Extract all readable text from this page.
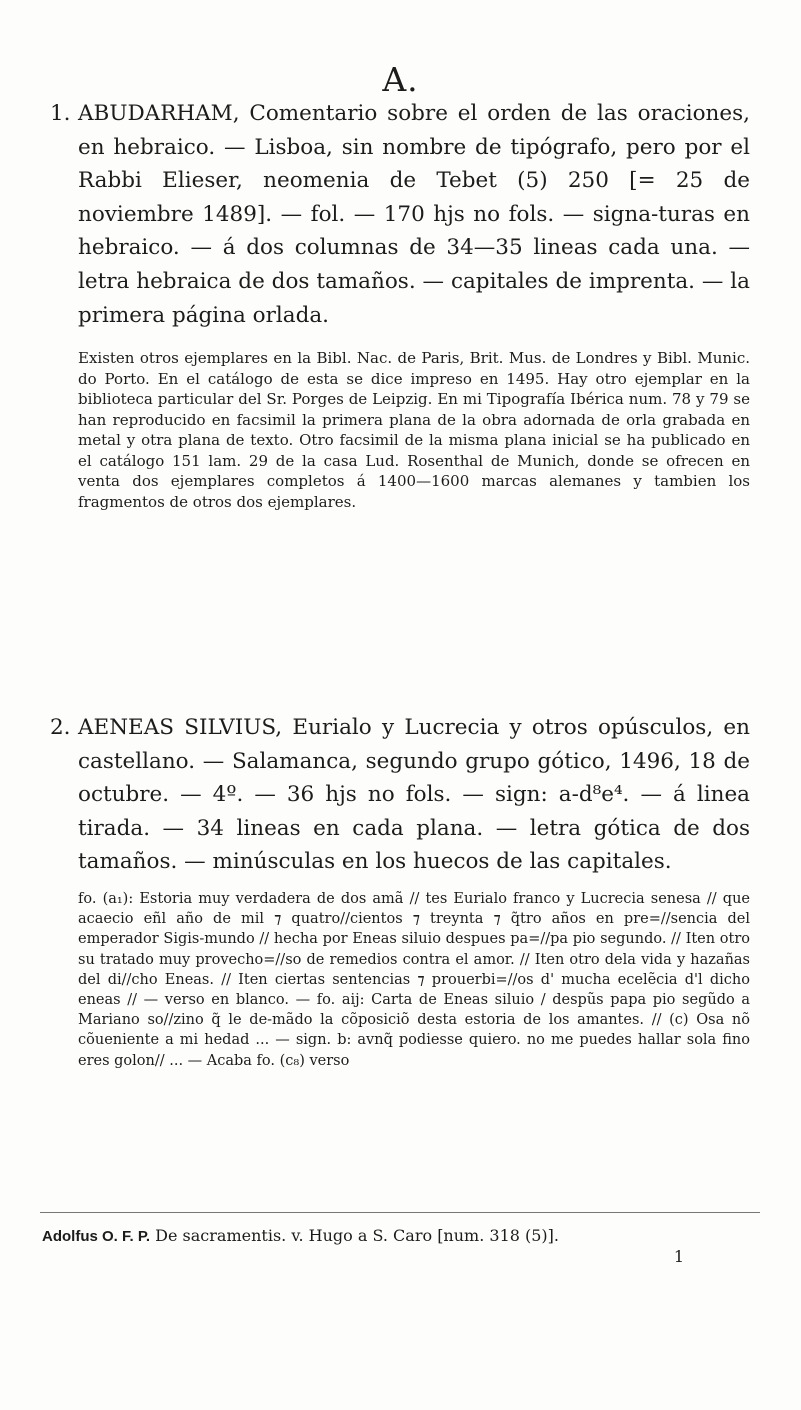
A.

1. ABUDARHAM, Comentario sobre el orden de las oraciones, en hebraico. — Lisboa, sin nombre de tipógrafo, pero por el Rabbi Elieser, neomenia de Tebet (5) 250 [= 25 de noviembre 1489]. — fol. — 170 hjs no fols. — signa-turas en hebraico. — á dos columnas de 34—35 lineas cada una. — letra hebraica de dos tamaños. — capitales de imprenta. — la primera página orlada.

Existen otros ejemplares en la Bibl. Nac. de Paris, Brit. Mus. de Londres y Bibl. Munic. do Porto. En el catálogo de esta se dice impreso en 1495. Hay otro ejemplar en la biblioteca particular del Sr. Porges de Leipzig. En mi Tipografía Ibérica num. 78 y 79 se han reproducido en facsimil la primera plana de la obra adornada de orla grabada en metal y otra plana de texto. Otro facsimil de la misma plana inicial se ha publicado en el catálogo 151 lam. 29 de la casa Lud. Rosenthal de Munich, donde se ofrecen en venta dos ejemplares completos á 1400—1600 marcas alemanes y tambien los fragmentos de otros dos ejemplares.

2. AENEAS SILVIUS, Eurialo y Lucrecia y otros opúsculos, en castellano. — Salamanca, segundo grupo gótico, 1496, 18 de octubre. — 4º. — 36 hjs no fols. — sign: a-d⁸e⁴. — á linea tirada. — 34 lineas en cada plana. — letra gótica de dos tamaños. — minúsculas en los huecos de las capitales.

fo. (a₁): Estoria muy verdadera de dos amã // tes Eurialo franco y Lucrecia senesa // que acaecio eñl año de mil ⁊ quatro//cientos ⁊ treynta ⁊ q̃tro años en pre=//sencia del emperador Sigis-mundo // hecha por Eneas siluio despues pa=//pa pio segundo. // Iten otro su tratado muy provecho=//so de remedios contra el amor. // Iten otro dela vida y hazañas del di//cho Eneas. // Iten ciertas sentencias ⁊ prouerbi=//os d' mucha ecelẽcia d'l dicho eneas // — verso en blanco. — fo. aij: Carta de Eneas siluio / despũs papa pio segũdo a Mariano so//zino q̃ le de-mãdo la cõposiciõ desta estoria de los amantes. // (c) Osa nõ cõueniente a mi hedad ... — sign. b: avnq̃ podiesse quiero. no me puedes hallar sola fino eres golon// ... — Acaba fo. (c₈) verso

Adolfus O. F. P. De sacramentis. v. Hugo a S. Caro [num. 318 (5)].
1
